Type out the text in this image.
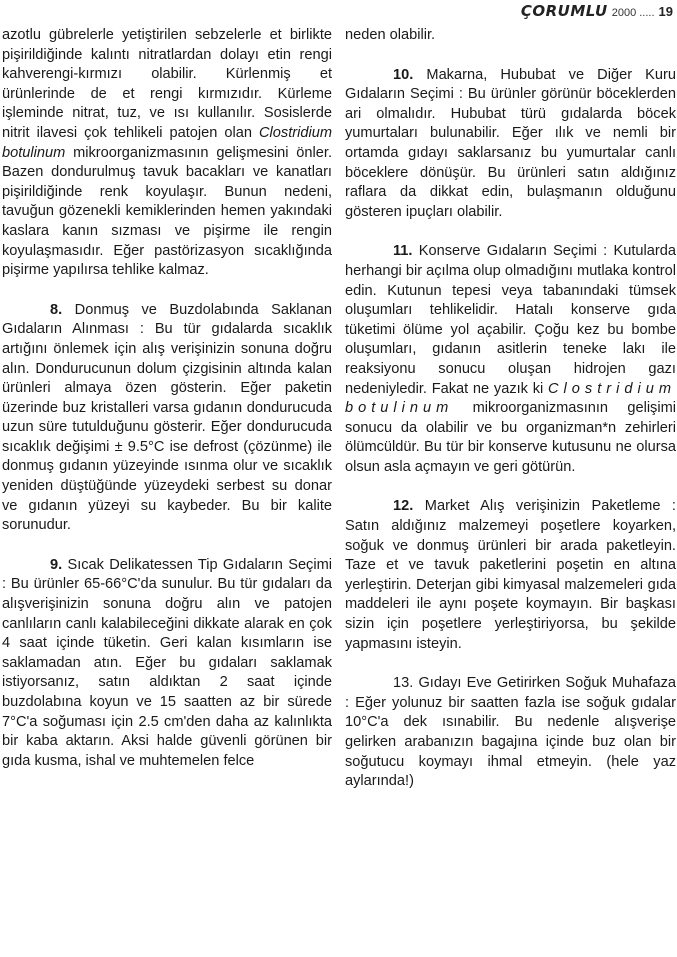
ÇORUMLU 2000 ..... 19

azotlu gübrelerle yetiştirilen sebzelerle et birlikte pişirildiğinde kalıntı nitratlardan dolayı etin rengi kahverengi-kırmızı olabilir. Kürlenmiş et ürünlerinde de et rengi kırmızıdır. Kürleme işleminde nitrat, tuz, ve ısı kullanılır. Sosislerde nitrit ilavesi çok tehlikeli patojen olan Clostridium botulinum mikroorganizmasının gelişmesini önler. Bazen dondurulmuş tavuk bacakları ve kanatları pişirildiğinde renk koyulaşır. Bunun nedeni, tavuğun gözenekli kemiklerinden hemen yakındaki kaslara kanın sızması ve pişirme ile rengin koyulaşmasıdır. Eğer pastörizasyon sıcaklığında pişirme yapılırsa tehlike kalmaz.

8. Donmuş ve Buzdolabında Saklanan Gıdaların Alınması : Bu tür gıdalarda sıcaklık artığını önlemek için alış verişinizin sonuna doğru alın. Dondurucunun dolum çizgisinin altında kalan ürünleri almaya özen gösterin. Eğer paketin üzerinde buz kristalleri varsa gıdanın dondurucuda uzun süre tutulduğunu gösterir. Eğer dondurucuda sıcaklık değişimi ± 9.5°C ise defrost (çözünme) ile donmuş gıdanın yüzeyinde ısınma olur ve sıcaklık yeniden düştüğünde yüzeydeki serbest su donar ve gıdanın yüzeyi su kaybeder. Bu bir kalite sorunudur.

9. Sıcak Delikatessen Tip Gıdaların Seçimi : Bu ürünler 65-66°C'da sunulur. Bu tür gıdaları da alışverişinizin sonuna doğru alın ve patojen canlıların canlı kalabileceğini dikkate alarak en çok 4 saat içinde tüketin. Geri kalan kısımların ise saklamadan atın. Eğer bu gıdaları saklamak istiyorsanız, satın aldıktan 2 saat içinde buzdolabına koyun ve 15 saatten az bir sürede 7°C'a soğuması için 2.5 cm'den daha az kalınlıkta bir kaba aktarın. Aksi halde güvenli görünen bir gıda kusma, ishal ve muhtemelen felce

neden olabilir.

10. Makarna, Hububat ve Diğer Kuru Gıdaların Seçimi : Bu ürünler görünür böceklerden ari olmalıdır. Hububat türü gıdalarda böcek yumurtaları bulunabilir. Eğer ılık ve nemli bir ortamda gıdayı saklarsanız bu yumurtalar canlı böceklere dönüşür. Bu ürünleri satın aldığınız raflara da dikkat edin, bulaşmanın olduğunu gösteren ipuçları olabilir.

11. Konserve Gıdaların Seçimi : Kutularda herhangi bir açılma olup olmadığını mutlaka kontrol edin. Kutunun tepesi veya tabanındaki tümsek oluşumları tehlikelidir. Hatalı konserve gıda tüketimi ölüme yol açabilir. Çoğu kez bu bombe oluşumları, gıdanın asitlerin teneke lakı ile reaksiyonu sonucu oluşan hidrojen gazı nedeniyledir. Fakat ne yazık ki Clostridium botulinum mikroorganizmasının gelişimi sonucu da olabilir ve bu organizman*n zehirleri ölümcüldür. Bu tür bir konserve kutusunu ne olursa olsun asla açmayın ve geri götürün.

12. Market Alış verişinizin Paketleme : Satın aldığınız malzemeyi poşetlere koyarken, soğuk ve donmuş ürünleri bir arada paketleyin. Taze et ve tavuk paketlerini poşetin en altına yerleştirin. Deterjan gibi kimyasal malzemeleri gıda maddeleri ile aynı poşete koymayın. Bir başkası sizin için poşetlere yerleştiriyorsa, bu şekilde yapmasını isteyin.

13. Gıdayı Eve Getirirken Soğuk Muhafaza : Eğer yolunuz bir saatten fazla ise soğuk gıdalar 10°C'a dek ısınabilir. Bu nedenle alışverişe gelirken arabanızın bagajına içinde buz olan bir soğutucu koymayı ihmal etmeyin. (hele yaz aylarında!)
